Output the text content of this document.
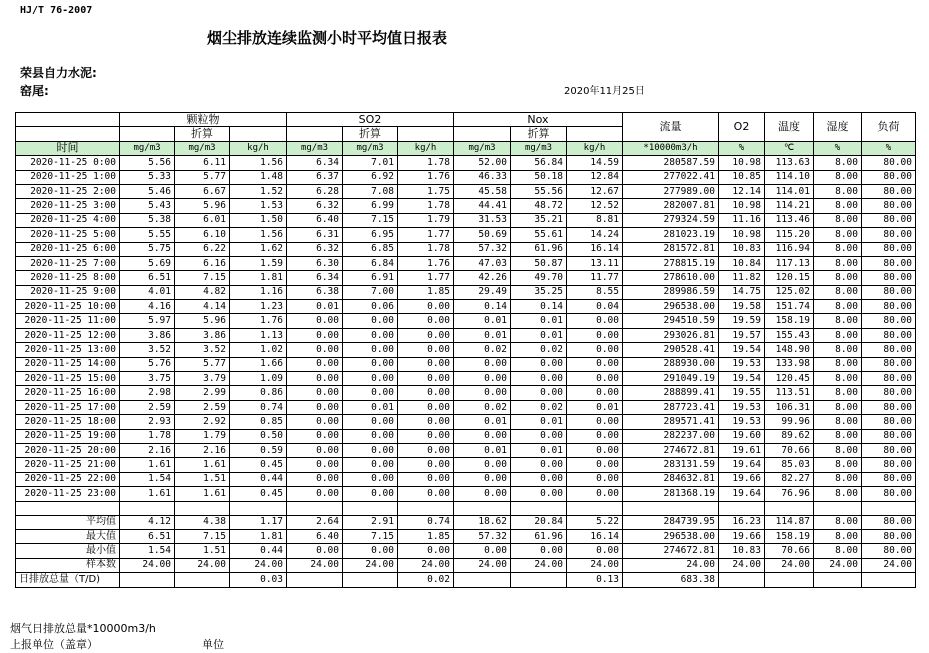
HJ/T 76-2007
烟尘排放连续监测小时平均值日报表
荣县自力水泥:
窑尾:	2020年11月25日
	颗粒物			SO2			Nox			流量	O2	温度	湿度	负荷
		折算			折算			折算						
时间	mg/m3	mg/m3	kg/h	mg/m3	mg/m3	kg/h	mg/m3	mg/m3	kg/h	*10000m3/h	%	℃	%	%
2020-11-25 0:00	5.56	6.11	1.56	6.34	7.01	1.78	52.00	56.84	14.59	280587.59	10.98	113.63	8.00	80.00
2020-11-25 1:00	5.33	5.77	1.48	6.37	6.92	1.76	46.33	50.18	12.84	277022.41	10.85	114.10	8.00	80.00
2020-11-25 2:00	5.46	6.67	1.52	6.28	7.08	1.75	45.58	55.56	12.67	277989.00	12.14	114.01	8.00	80.00
2020-11-25 3:00	5.43	5.96	1.53	6.32	6.99	1.78	44.41	48.72	12.52	282007.81	10.98	114.21	8.00	80.00
2020-11-25 4:00	5.38	6.01	1.50	6.40	7.15	1.79	31.53	35.21	8.81	279324.59	11.16	113.46	8.00	80.00
2020-11-25 5:00	5.55	6.10	1.56	6.31	6.95	1.77	50.69	55.61	14.24	281023.19	10.98	115.20	8.00	80.00
2020-11-25 6:00	5.75	6.22	1.62	6.32	6.85	1.78	57.32	61.96	16.14	281572.81	10.83	116.94	8.00	80.00
2020-11-25 7:00	5.69	6.16	1.59	6.30	6.84	1.76	47.03	50.87	13.11	278815.19	10.84	117.13	8.00	80.00
2020-11-25 8:00	6.51	7.15	1.81	6.34	6.91	1.77	42.26	49.70	11.77	278610.00	11.82	120.15	8.00	80.00
2020-11-25 9:00	4.01	4.82	1.16	6.38	7.00	1.85	29.49	35.25	8.55	289986.59	14.75	125.02	8.00	80.00
2020-11-25 10:00	4.16	4.14	1.23	0.01	0.06	0.00	0.14	0.14	0.04	296538.00	19.58	151.74	8.00	80.00
2020-11-25 11:00	5.97	5.96	1.76	0.00	0.00	0.00	0.01	0.01	0.00	294510.59	19.59	158.19	8.00	80.00
2020-11-25 12:00	3.86	3.86	1.13	0.00	0.00	0.00	0.01	0.01	0.00	293026.81	19.57	155.43	8.00	80.00
2020-11-25 13:00	3.52	3.52	1.02	0.00	0.00	0.00	0.02	0.02	0.00	290528.41	19.54	148.90	8.00	80.00
2020-11-25 14:00	5.76	5.77	1.66	0.00	0.00	0.00	0.00	0.00	0.00	288930.00	19.53	133.98	8.00	80.00
2020-11-25 15:00	3.75	3.79	1.09	0.00	0.00	0.00	0.00	0.00	0.00	291049.19	19.54	120.45	8.00	80.00
2020-11-25 16:00	2.98	2.99	0.86	0.00	0.00	0.00	0.00	0.00	0.00	288899.41	19.55	113.51	8.00	80.00
2020-11-25 17:00	2.59	2.59	0.74	0.00	0.01	0.00	0.02	0.02	0.01	287723.41	19.53	106.31	8.00	80.00
2020-11-25 18:00	2.93	2.92	0.85	0.00	0.00	0.00	0.01	0.01	0.00	289571.41	19.53	99.96	8.00	80.00
2020-11-25 19:00	1.78	1.79	0.50	0.00	0.00	0.00	0.00	0.00	0.00	282237.00	19.60	89.62	8.00	80.00
2020-11-25 20:00	2.16	2.16	0.59	0.00	0.00	0.00	0.01	0.01	0.00	274672.81	19.61	70.66	8.00	80.00
2020-11-25 21:00	1.61	1.61	0.45	0.00	0.00	0.00	0.00	0.00	0.00	283131.59	19.64	85.03	8.00	80.00
2020-11-25 22:00	1.54	1.51	0.44	0.00	0.00	0.00	0.00	0.00	0.00	284632.81	19.66	82.27	8.00	80.00
2020-11-25 23:00	1.61	1.61	0.45	0.00	0.00	0.00	0.00	0.00	0.00	281368.19	19.64	76.96	8.00	80.00

平均值	4.12	4.38	1.17	2.64	2.91	0.74	18.62	20.84	5.22	284739.95	16.23	114.87	8.00	80.00
最大值	6.51	7.15	1.81	6.40	7.15	1.85	57.32	61.96	16.14	296538.00	19.66	158.19	8.00	80.00
最小值	1.54	1.51	0.44	0.00	0.00	0.00	0.00	0.00	0.00	274672.81	10.83	70.66	8.00	80.00
样本数	24.00	24.00	24.00	24.00	24.00	24.00	24.00	24.00	24.00	24.00	24.00	24.00	24.00	24.00
日排放总量（T/D)			0.03			0.02			0.13	683.38				
烟气日排放总量*10000m3/h
上报单位（盖章）	单位
